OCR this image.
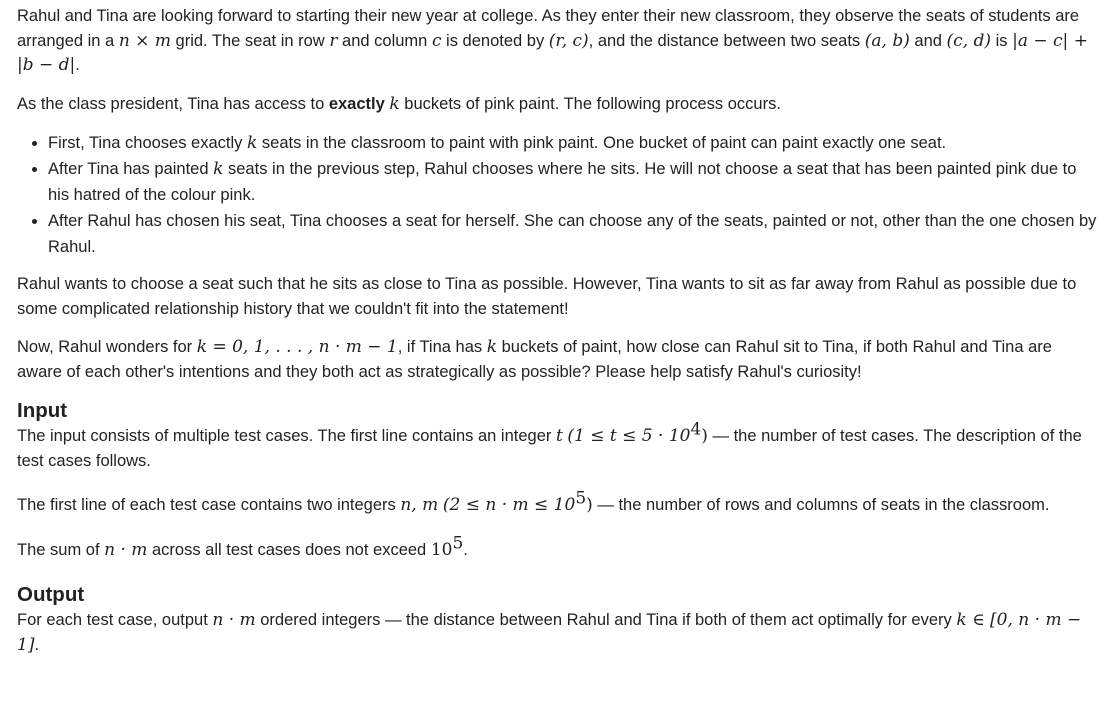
Rahul and Tina are looking forward to starting their new year at college. As they enter their new classroom, they observe the seats of students are arranged in a n × m grid. The seat in row r and column c is denoted by (r, c), and the distance between two seats (a, b) and (c, d) is |a − c| + |b − d|.

As the class president, Tina has access to exactly k buckets of pink paint. The following process occurs.

• First, Tina chooses exactly k seats in the classroom to paint with pink paint. One bucket of paint can paint exactly one seat.
• After Tina has painted k seats in the previous step, Rahul chooses where he sits. He will not choose a seat that has been painted pink due to his hatred of the colour pink.
• After Rahul has chosen his seat, Tina chooses a seat for herself. She can choose any of the seats, painted or not, other than the one chosen by Rahul.

Rahul wants to choose a seat such that he sits as close to Tina as possible. However, Tina wants to sit as far away from Rahul as possible due to some complicated relationship history that we couldn't fit into the statement!

Now, Rahul wonders for k = 0, 1, . . . , n · m − 1, if Tina has k buckets of paint, how close can Rahul sit to Tina, if both Rahul and Tina are aware of each other's intentions and they both act as strategically as possible? Please help satisfy Rahul's curiosity!

Input

The input consists of multiple test cases. The first line contains an integer t $(1 \le t \le 5 \cdot 10^4)$ — the number of test cases. The description of the test cases follows.

The first line of each test case contains two integers n, m $(2 \le n \cdot m \le 10^5)$ — the number of rows and columns of seats in the classroom.

The sum of n · m across all test cases does not exceed $10^5$.

Output

For each test case, output n · m ordered integers — the distance between Rahul and Tina if both of them act optimally for every k ∈ [0, n · m − 1].
